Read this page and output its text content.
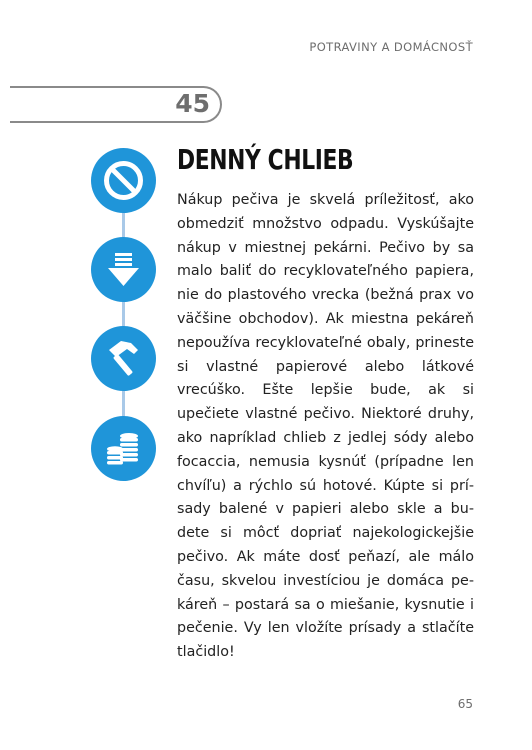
POTRAVINY A DOMÁCNOSŤ
45
DENNÝ CHLIEB

Nákup pečiva je skvelá príležitosť, ako obmedziť množstvo odpadu. Vyskúšajte nákup v miestnej pekárni. Pečivo by sa malo baliť do recyklovateľného papiera, nie do plastového vrecka (bežná prax vo väčšine obchodov). Ak miestna pekáreň nepoužíva recyklovateľné obaly, prineste si vlastné papierové alebo látkové vrecúško. Ešte lepšie bude, ak si upečiete vlastné pečivo. Niektoré druhy, ako napríklad chlieb z jedlej sódy alebo focaccia, nemusia kysnúť (prípadne len chvíľu) a rýchlo sú hotové. Kúpte si prísady balené v papieri alebo skle a budete si môcť dopriať najekologickejšie pečivo. Ak máte dosť peňazí, ale málo času, skvelou investíciou je domáca pekáreň – postará sa o miešanie, kysnutie i pečenie. Vy len vložíte prísady a stlačíte tlačidlo!

65
